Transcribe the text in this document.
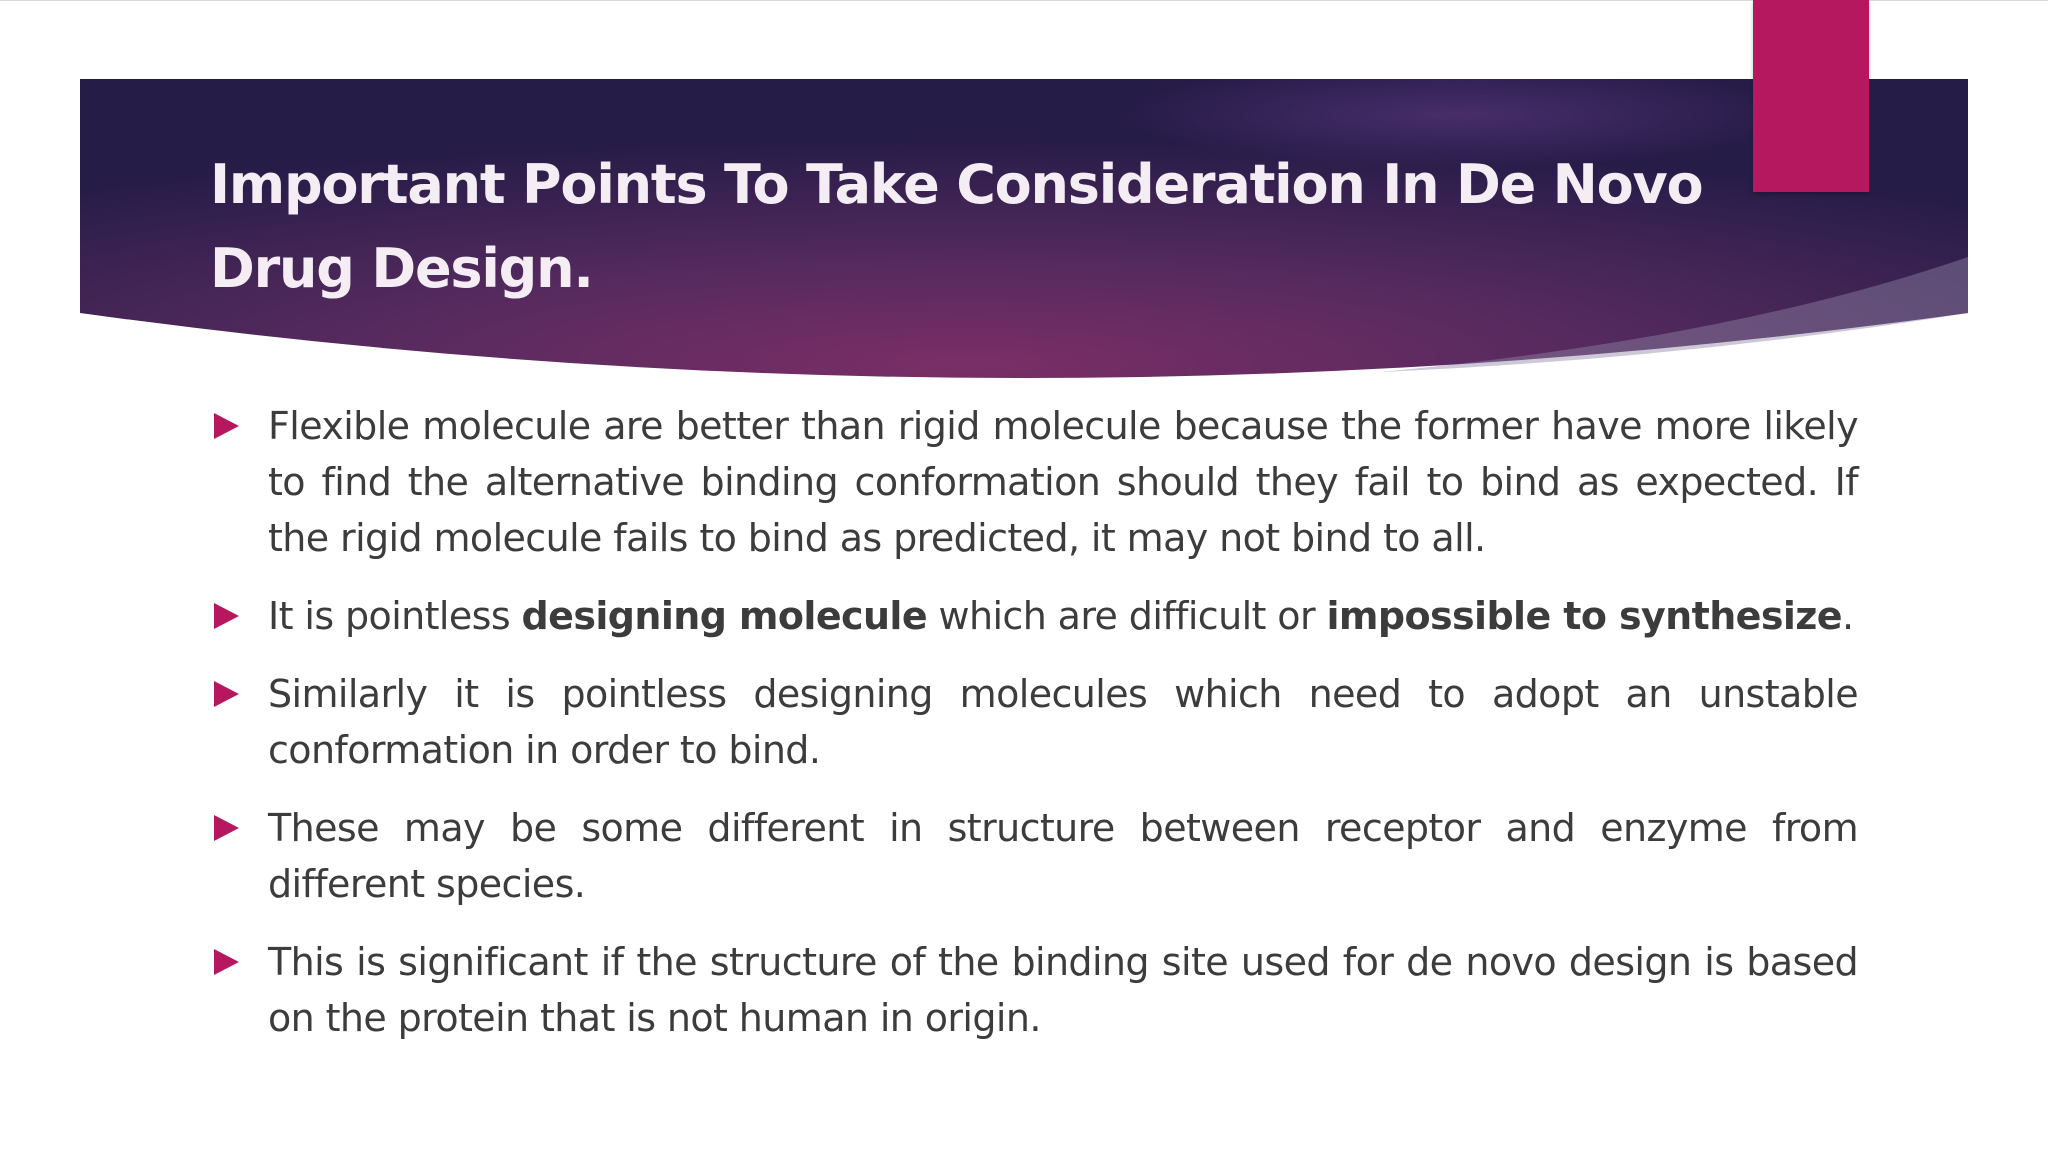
Important Points To Take Consideration In De Novo Drug Design.
Flexible molecule are better than rigid molecule because the former have more likely to find the alternative binding conformation should they fail to bind as expected. If the rigid molecule fails to bind as predicted, it may not bind to all.
It is pointless designing molecule which are difficult or impossible to synthesize.
Similarly it is pointless designing molecules which need to adopt an unstable conformation in order to bind.
These may be some different in structure between receptor and enzyme from different species.
This is significant if the structure of the binding site used for de novo design is based on the protein that is not human in origin.
